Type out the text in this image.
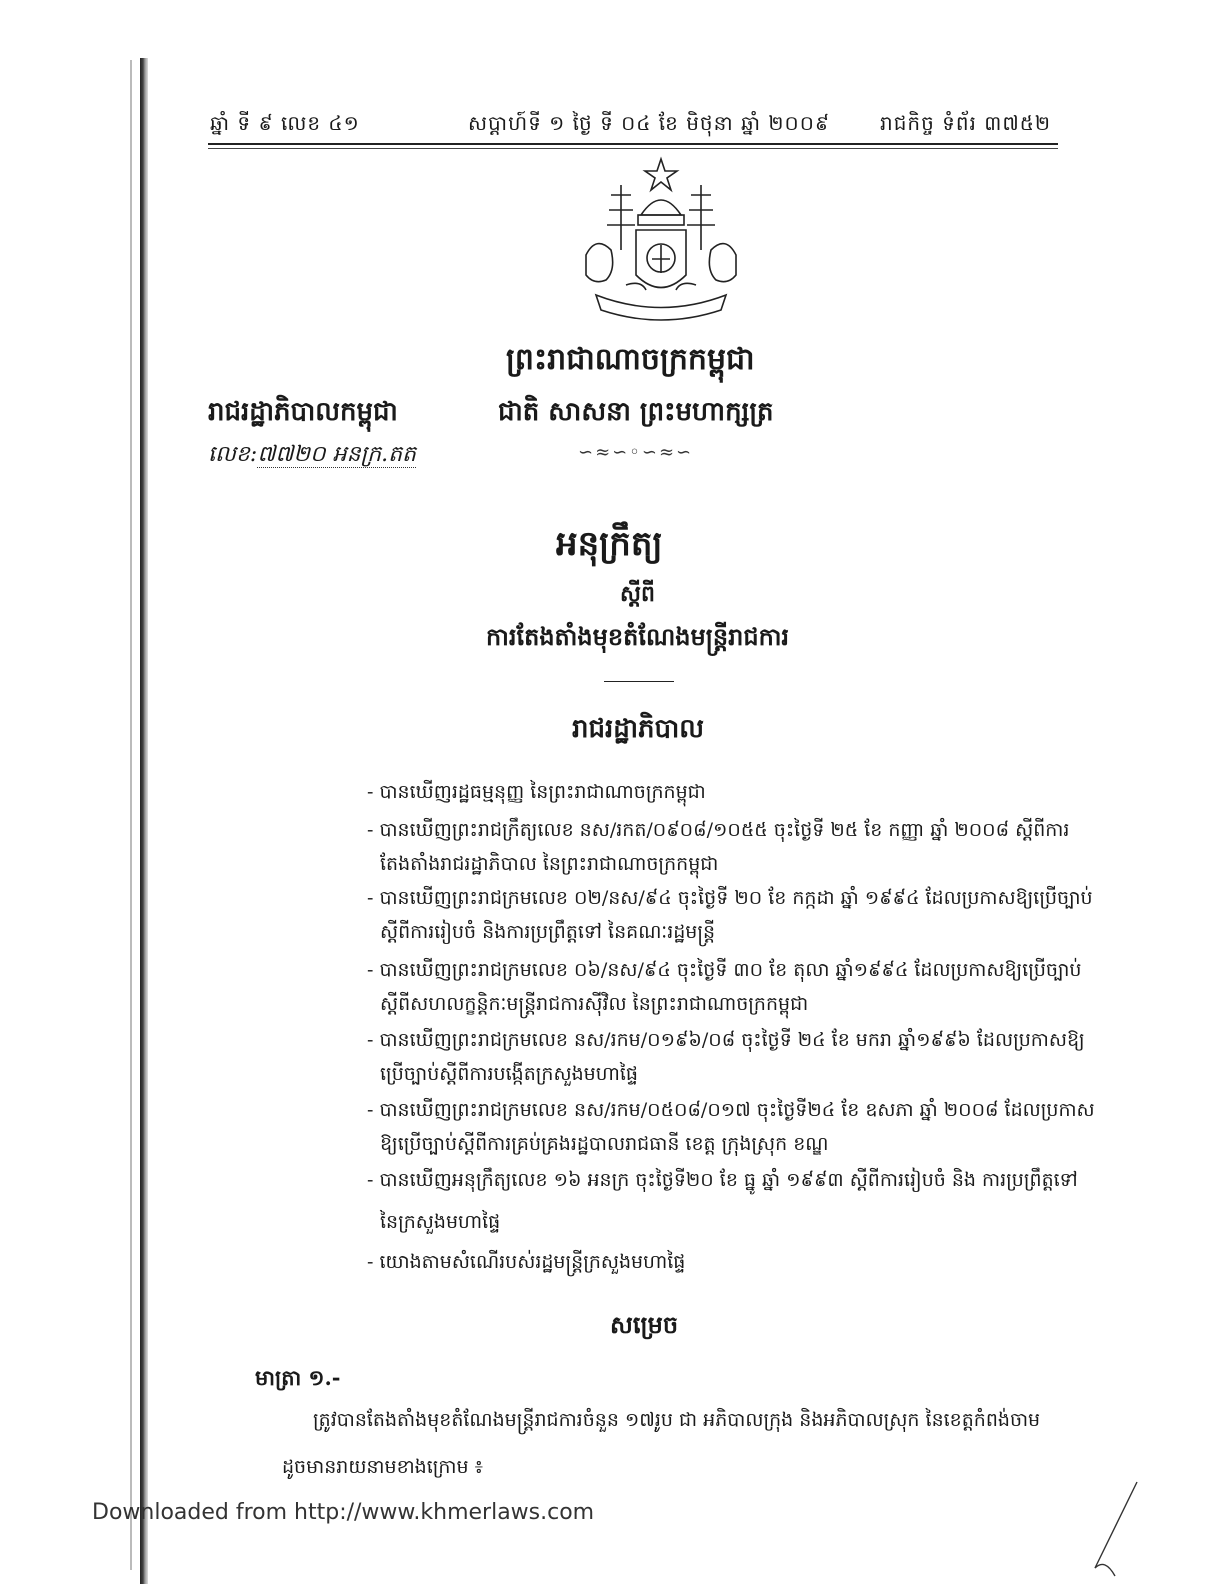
ឆ្នាំ ទី ៩ លេខ ៤១	សប្តាហ៍ទី ១ ថ្ងៃ ទី ០៤ ខែ មិថុនា ឆ្នាំ ២០០៩ រាជកិច្ច ទំព័រ ៣៧៥២
ព្រះរាជាណាចក្រកម្ពុជា
ជាតិ សាសនា ព្រះមហាក្សត្រ
∽≈∽◦∽≈∽
រាជរដ្ឋាភិបាលកម្ពុជា
លេខ:៧៧២០ អនក្រ.តត
អនុក្រឹត្យ
ស្តីពី
ការតែងតាំងមុខតំណែងមន្ត្រីរាជការ
រាជរដ្ឋាភិបាល
- បានឃើញរដ្ឋធម្មនុញ្ញ នៃព្រះរាជាណាចក្រកម្ពុជា
- បានឃើញព្រះរាជក្រឹត្យលេខ នស/រកត/០៩០៨/១០៥៥ ចុះថ្ងៃទី ២៥ ខែ កញ្ញា ឆ្នាំ ២០០៨ ស្តីពីការ
តែងតាំងរាជរដ្ឋាភិបាល នៃព្រះរាជាណាចក្រកម្ពុជា
- បានឃើញព្រះរាជក្រមលេខ ០២/នស/៩៤ ចុះថ្ងៃទី ២០ ខែ កក្កដា ឆ្នាំ ១៩៩៤ ដែលប្រកាសឱ្យប្រើច្បាប់
ស្តីពីការរៀបចំ និងការប្រព្រឹត្តទៅ នៃគណៈរដ្ឋមន្ត្រី
- បានឃើញព្រះរាជក្រមលេខ ០៦/នស/៩៤ ចុះថ្ងៃទី ៣០ ខែ តុលា ឆ្នាំ១៩៩៤ ដែលប្រកាសឱ្យប្រើច្បាប់
ស្តីពីសហលក្ខន្តិកៈមន្ត្រីរាជការស៊ីវិល នៃព្រះរាជាណាចក្រកម្ពុជា
- បានឃើញព្រះរាជក្រមលេខ នស/រកម/០១៩៦/០៨ ចុះថ្ងៃទី ២៤ ខែ មករា ឆ្នាំ១៩៩៦ ដែលប្រកាសឱ្យ
ប្រើច្បាប់ស្តីពីការបង្កើតក្រសួងមហាផ្ទៃ
- បានឃើញព្រះរាជក្រមលេខ នស/រកម/០៥០៨/០១៧ ចុះថ្ងៃទី២៤ ខែ ឧសភា ឆ្នាំ ២០០៨ ដែលប្រកាស
ឱ្យប្រើច្បាប់ស្តីពីការគ្រប់គ្រងរដ្ឋបាលរាជធានី ខេត្ត ក្រុងស្រុក ខណ្ឌ
- បានឃើញអនុក្រឹត្យលេខ ១៦ អនក្រ ចុះថ្ងៃទី២០ ខែ ធ្នូ ឆ្នាំ ១៩៩៣ ស្តីពីការរៀបចំ និង ការប្រព្រឹត្តទៅ
នៃក្រសួងមហាផ្ទៃ
- យោងតាមសំណើរបស់រដ្ឋមន្ត្រីក្រសួងមហាផ្ទៃ
សម្រេច
មាត្រា ១.-
ត្រូវបានតែងតាំងមុខតំណែងមន្ត្រីរាជការចំនួន ១៧រូប ជា អភិបាលក្រុង និងអភិបាលស្រុក នៃខេត្តកំពង់ចាម
ដូចមានរាយនាមខាងក្រោម ៖
Downloaded from http://www.khmerlaws.com
